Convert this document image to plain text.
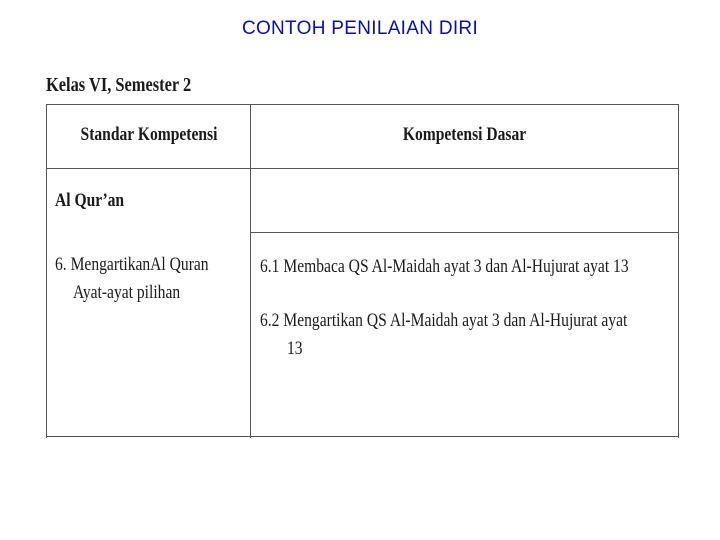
CONTOH PENILAIAN DIRI
Kelas VI, Semester 2
Standar Kompetensi	Kompetensi Dasar
Al Qur’an
6. MengartikanAl Quran
Ayat-ayat pilihan
6.1 Membaca QS Al-Maidah ayat 3 dan Al-Hujurat ayat 13
6.2 Mengartikan QS Al-Maidah ayat 3 dan Al-Hujurat ayat
13
